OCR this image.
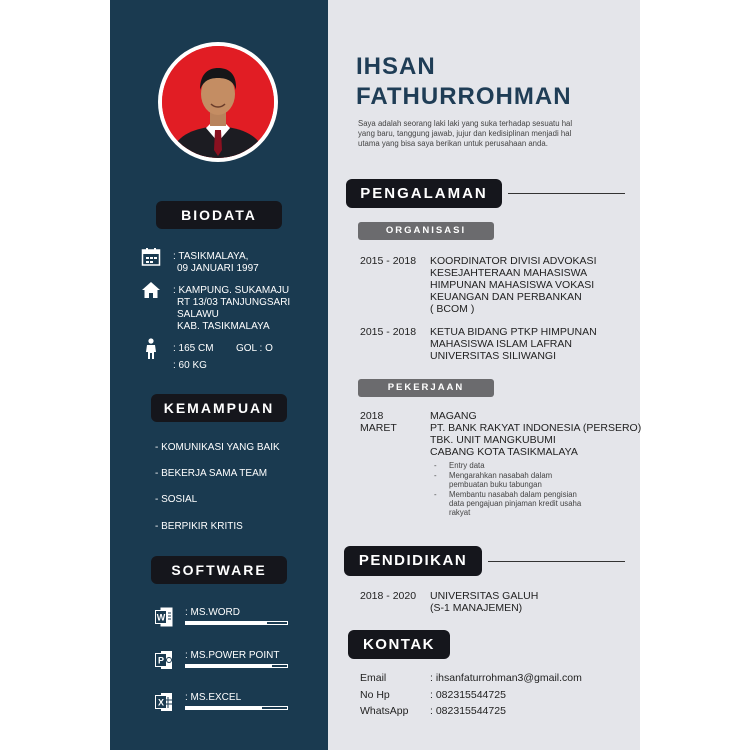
BIODATA
: TASIKMALAYA,
09 JANUARI 1997
: KAMPUNG. SUKAMAJU
RT 13/03 TANJUNGSARI
SALAWU
KAB. TASIKMALAYA
: 165 CM GOL : O
: 60 KG
KEMAMPUAN
- KOMUNIKASI YANG BAIK
- BEKERJA SAMA TEAM
- SOSIAL
- BERPIKIR KRITIS
SOFTWARE
W : MS.WORD
P : MS.POWER POINT
X : MS.EXCEL
IHSAN
FATHURROHMAN
Saya adalah seorang laki laki yang suka terhadap sesuatu hal
yang baru, tanggung jawab, jujur dan kedisiplinan menjadi hal
utama yang bisa saya berikan untuk perusahaan anda.
PENGALAMAN
ORGANISASI
2015 - 2018 KOORDINATOR DIVISI ADVOKASI
KESEJAHTERAAN MAHASISWA
HIMPUNAN MAHASISWA VOKASI
KEUANGAN DAN PERBANKAN
( BCOM )
2015 - 2018 KETUA BIDANG PTKP HIMPUNAN
MAHASISWA ISLAM LAFRAN
UNIVERSITAS SILIWANGI
PEKERJAAN
2018
MARET
MAGANG
PT. BANK RAKYAT INDONESIA (PERSERO)
TBK. UNIT MANGKUBUMI
CABANG KOTA TASIKMALAYA
- Entry data
- Mengarahkan nasabah dalam
pembuatan buku tabungan
- Membantu nasabah dalam pengisian
data pengajuan pinjaman kredit usaha
rakyat
PENDIDIKAN
2018 - 2020 UNIVERSITAS GALUH
(S-1 MANAJEMEN)
KONTAK
Email	: ihsanfaturrohman3@gmail.com
No Hp	: 082315544725
WhatsApp : 082315544725
